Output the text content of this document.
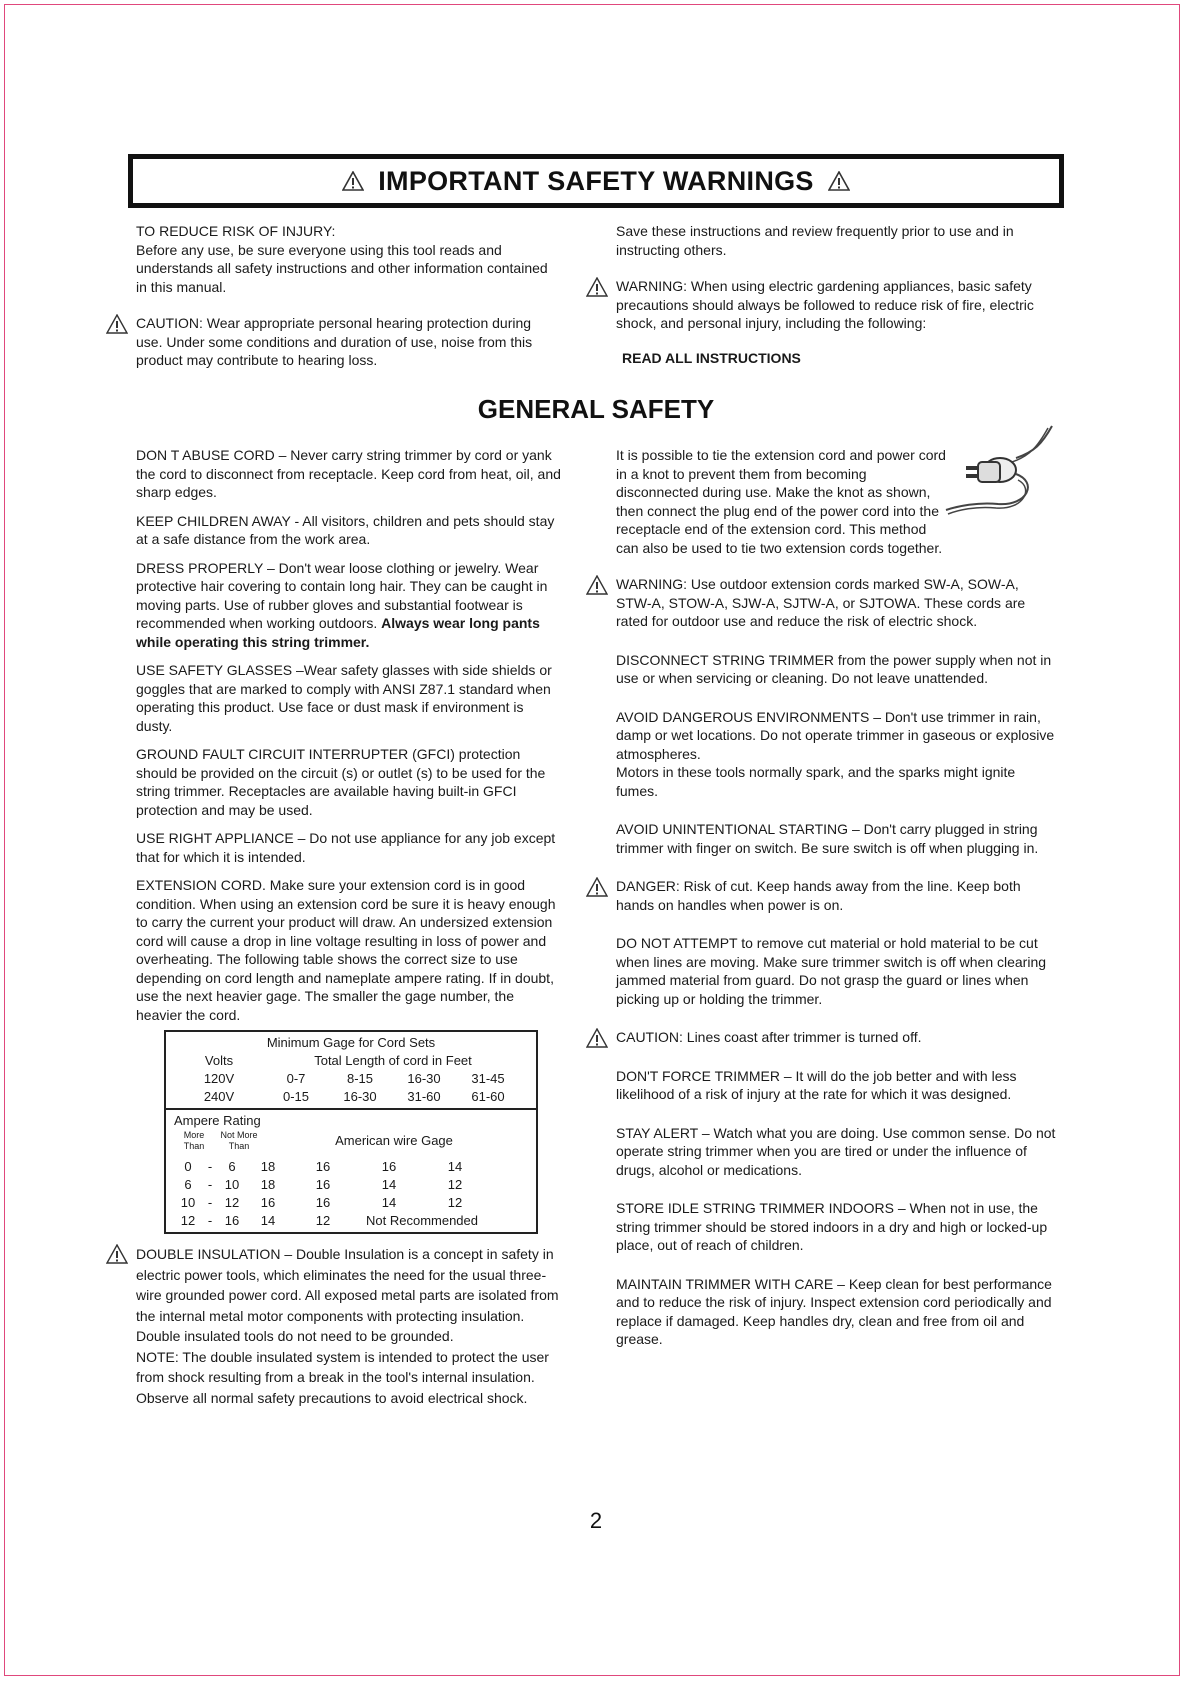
IMPORTANT SAFETY WARNINGS

TO REDUCE RISK OF INJURY:

Before any use, be sure everyone using this tool reads and understands all safety instructions and other information contained in this manual.

CAUTION: Wear appropriate personal hearing protection during use. Under some conditions and duration of use, noise from this product may contribute to hearing loss.

Save these instructions and review frequently prior to use and in instructing others.

WARNING: When using electric gardening appliances, basic safety precautions should always be followed to reduce risk of fire, electric shock, and personal injury, including the following:

READ ALL INSTRUCTIONS

GENERAL SAFETY

DON T ABUSE CORD – Never carry string trimmer by cord or yank the cord to disconnect from receptacle. Keep cord from heat, oil, and sharp edges.

KEEP CHILDREN AWAY - All visitors, children and pets should stay at a safe distance from the work area.

DRESS PROPERLY – Don't wear loose clothing or jewelry. Wear protective hair covering to contain long hair. They can be caught in moving parts. Use of rubber gloves and substantial footwear is recommended when working outdoors. Always wear long pants while operating this string trimmer.

USE SAFETY GLASSES –Wear safety glasses with side shields or goggles that are marked to comply with ANSI Z87.1 standard when operating this product. Use face or dust mask if environment is dusty.

GROUND FAULT CIRCUIT INTERRUPTER (GFCI) protection should be provided on the circuit (s) or outlet (s) to be used for the string trimmer. Receptacles are available having built-in GFCI protection and may be used.

USE RIGHT APPLIANCE – Do not use appliance for any job except that for which it is intended.

EXTENSION CORD. Make sure your extension cord is in good condition. When using an extension cord be sure it is heavy enough to carry the current your product will draw. An undersized extension cord will cause a drop in line voltage resulting in loss of power and overheating. The following table shows the correct size to use depending on cord length and nameplate ampere rating. If in doubt, use the next heavier gage. The smaller the gage number, the heavier the cord.

Minimum Gage for Cord Sets
Volts	Total Length of cord in Feet
120V	0-7	8-15	16-30	31-45
240V	0-15	16-30	31-60	61-60
Ampere Rating
More Than
Not More Than	American wire Gage
0	-	6	18	16	16	14
6	- 10	18	16	14	12
10 - 12	16	16	14	12
12 - 16	14	12	Not Recommended

DOUBLE INSULATION – Double Insulation is a concept in safety in electric power tools, which eliminates the need for the usual three-wire grounded power cord. All exposed metal parts are isolated from the internal metal motor components with protecting insulation. Double insulated tools do not need to be grounded.

NOTE: The double insulated system is intended to protect the user from shock resulting from a break in the tool's internal insulation. Observe all normal safety precautions to avoid electrical shock.

It is possible to tie the extension cord and power cord in a knot to prevent them from becoming disconnected during use. Make the knot as shown, then connect the plug end of the power cord into the receptacle end of the extension cord. This method can also be used to tie two extension cords together.

WARNING: Use outdoor extension cords marked SW-A, SOW-A, STW-A, STOW-A, SJW-A, SJTW-A, or SJTOWA. These cords are rated for outdoor use and reduce the risk of electric shock.

DISCONNECT STRING TRIMMER from the power supply when not in use or when servicing or cleaning. Do not leave unattended.

AVOID DANGEROUS ENVIRONMENTS – Don't use trimmer in rain, damp or wet locations. Do not operate trimmer in gaseous or explosive atmospheres.

Motors in these tools normally spark, and the sparks might ignite fumes.

AVOID UNINTENTIONAL STARTING – Don't carry plugged in string trimmer with finger on switch. Be sure switch is off when plugging in.

DANGER: Risk of cut. Keep hands away from the line. Keep both hands on handles when power is on.

DO NOT ATTEMPT to remove cut material or hold material to be cut when lines are moving. Make sure trimmer switch is off when clearing jammed material from guard. Do not grasp the guard or lines when picking up or holding the trimmer.

CAUTION: Lines coast after trimmer is turned off.

DON'T FORCE TRIMMER – It will do the job better and with less likelihood of a risk of injury at the rate for which it was designed.

STAY ALERT – Watch what you are doing. Use common sense. Do not operate string trimmer when you are tired or under the influence of drugs, alcohol or medications.

STORE IDLE STRING TRIMMER INDOORS – When not in use, the string trimmer should be stored indoors in a dry and high or locked-up place, out of reach of children.

MAINTAIN TRIMMER WITH CARE – Keep clean for best performance and to reduce the risk of injury. Inspect extension cord periodically and replace if damaged. Keep handles dry, clean and free from oil and grease.

2
